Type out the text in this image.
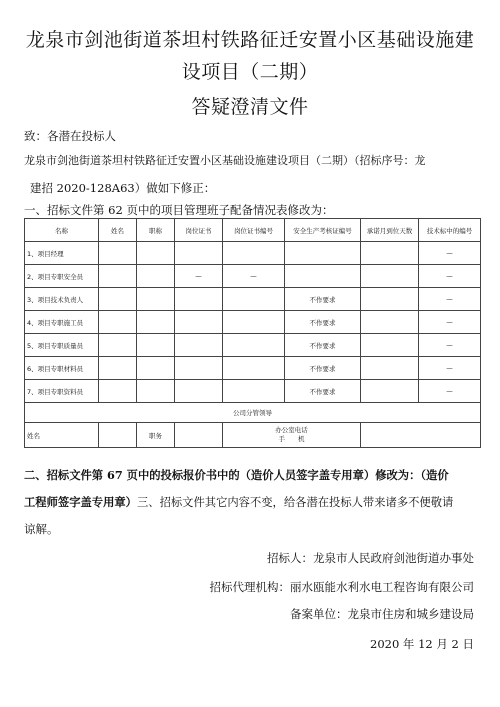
龙泉市剑池街道茶坦村铁路征迁安置小区基础设施建
设项目（二期）
答疑澄清文件
致：各潜在投标人
龙泉市剑池街道茶坦村铁路征迁安置小区基础设施建设项目（二期）（招标序号：龙
建招 2020-128A63）做如下修正：
一、招标文件第 62 页中的项目管理班子配备情况表修改为：
名称	姓名	职称	岗位证书	岗位证书编号	安全生产考核证编号	承诺月到位天数	技术标中的编号
1、项目经理							—
2、项目专职安全员			—	—			—
3、项目技术负责人					不作要求		—
4、项目专职施工员					不作要求		—
5、项目专职质量员					不作要求		—
6、项目专职材料员					不作要求		—
7、项目专职资料员					不作要求		—
公司分管领导							
姓名		职务		办公室电话
手　　机			

二、招标文件第 67 页中的投标报价书中的（造价人员签字盖专用章）修改为：（造价
工程师签字盖专用章）三、招标文件其它内容不变，给各潜在投标人带来诸多不便敬请
谅解。
招标人：龙泉市人民政府剑池街道办事处
招标代理机构：丽水瓯能水利水电工程咨询有限公司
备案单位：龙泉市住房和城乡建设局
2020 年 12 月 2 日
